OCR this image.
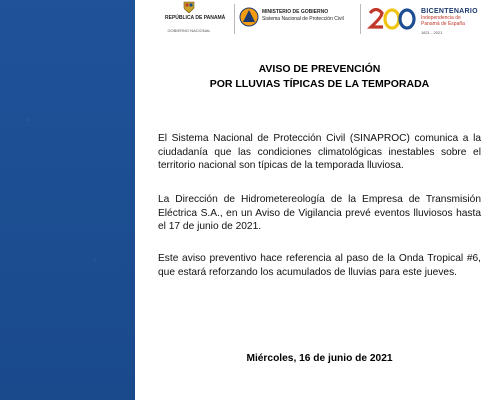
REPÚBLICA DE PANAMÁ
GOBIERNO NACIONAL
MINISTERIO DE GOBIERNO
Sistema Nacional de Protección Civil
BICENTENARIO
Independencia de
Panamá de España
1821 - 2021

AVISO DE PREVENCIÓN

POR LLUVIAS TÍPICAS DE LA TEMPORADA

El Sistema Nacional de Protección Civil (SINAPROC) comunica a la ciudadanía que las condiciones climatológicas inestables sobre el territorio nacional son típicas de la temporada lluviosa.

La Dirección de Hidrometereología de la Empresa de Transmisión Eléctrica S.A., en un Aviso de Vigilancia prevé eventos lluviosos hasta el 17 de junio de 2021.

Este aviso preventivo hace referencia al paso de la Onda Tropical #6, que estará reforzando los acumulados de lluvias para este jueves.

Miércoles, 16 de junio de 2021
